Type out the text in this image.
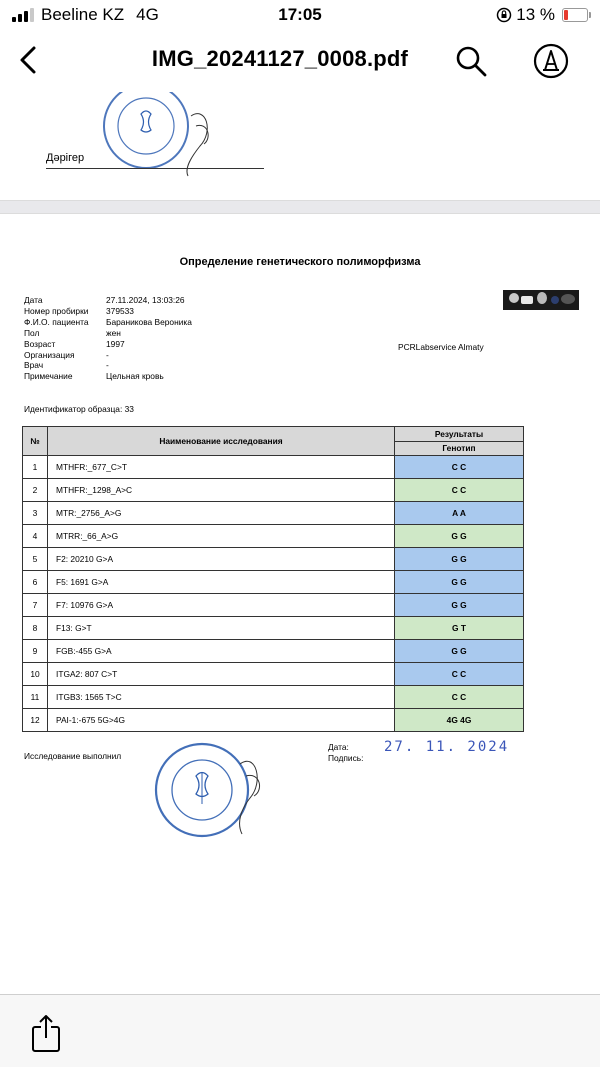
Beeline KZ 4G	17:05	13 %
IMG_20241127_0008.pdf
Дәрігер
Определение генетического полиморфизма
Дата	27.11.2024, 13:03:26
Номер пробирки	379533
Ф.И.О. пациента	Бараникова Вероника
Пол	жен
Возраст	1997
Организация	-
Врач	-
Примечание	Цельная кровь
PCRLabservice Almaty
Идентификатор образца: 33
№	Наименование исследования	Результаты
		Генотип
1	MTHFR:_677_C>T	C C
2	MTHFR:_1298_A>C	C C
3	MTR:_2756_A>G	A A
4	MTRR:_66_A>G	G G
5	F2: 20210 G>A	G G
6	F5: 1691 G>A	G G
7	F7: 10976 G>A	G G
8	F13: G>T	G T
9	FGB:-455 G>A	G G
10	ITGA2: 807 C>T	C C
11	ITGB3: 1565 T>C	C C
12	PAI-1:-675 5G>4G	4G 4G
Исследование выполнил
Дата:
Подпись:
27. 11. 2024
